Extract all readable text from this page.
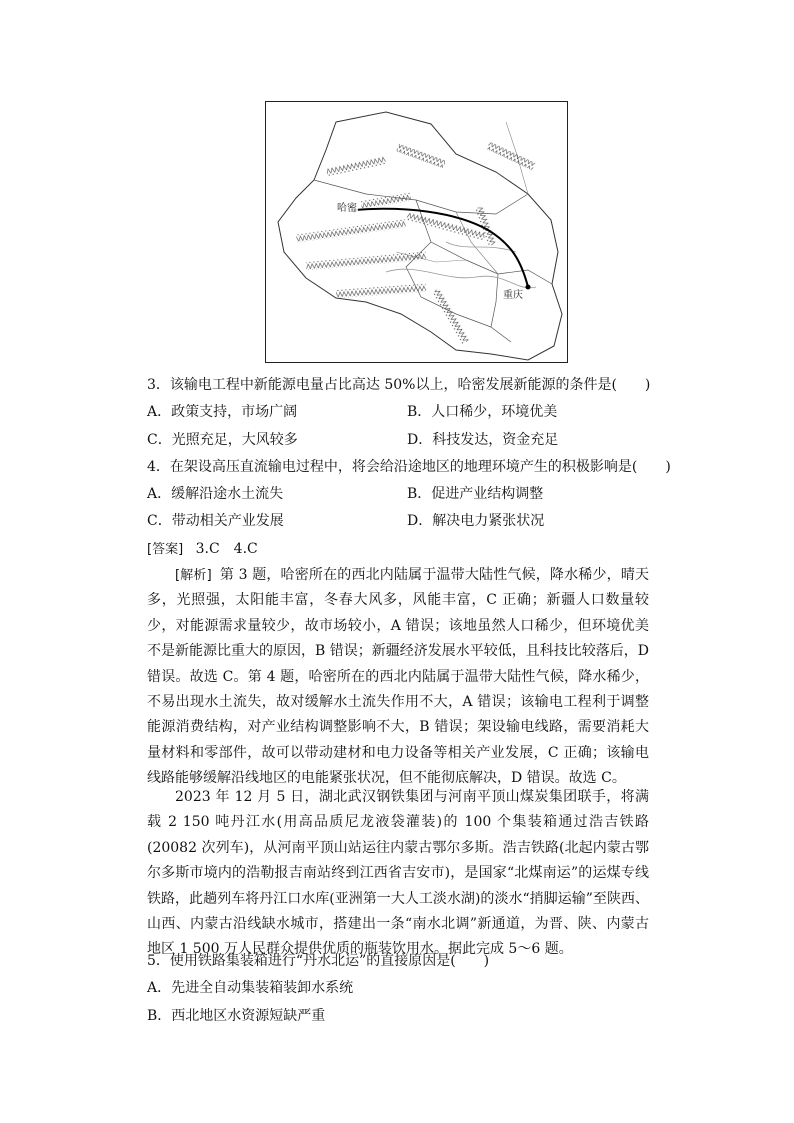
哈密
重庆
3．该输电工程中新能源电量占比高达 50%以上，哈密发展新能源的条件是(　　)
A．政策支持，市场广阔	B．人口稀少，环境优美
C．光照充足，大风较多	D．科技发达，资金充足
4．在架设高压直流输电过程中，将会给沿途地区的地理环境产生的积极影响是(　　)
A．缓解沿途水土流失	B．促进产业结构调整
C．带动相关产业发展	D．解决电力紧张状况
[答案] 3.C　4.C
[解析] 第 3 题，哈密所在的西北内陆属于温带大陆性气候，降水稀少，晴天多，光照强，太阳能丰富，冬春大风多，风能丰富，C 正确；新疆人口数量较少，对能源需求量较少，故市场较小，A 错误；该地虽然人口稀少，但环境优美不是新能源比重大的原因，B 错误；新疆经济发展水平较低，且科技比较落后，D 错误。故选 C。第 4 题，哈密所在的西北内陆属于温带大陆性气候，降水稀少，不易出现水土流失，故对缓解水土流失作用不大，A 错误；该输电工程利于调整能源消费结构，对产业结构调整影响不大，B 错误；架设输电线路，需要消耗大量材料和零部件，故可以带动建材和电力设备等相关产业发展，C 正确；该输电线路能够缓解沿线地区的电能紧张状况，但不能彻底解决，D 错误。故选 C。
2023 年 12 月 5 日，湖北武汉钢铁集团与河南平顶山煤炭集团联手，将满载 2 150 吨丹江水(用高品质尼龙液袋灌装)的 100 个集装箱通过浩吉铁路(20082 次列车)，从河南平顶山站运往内蒙古鄂尔多斯。浩吉铁路(北起内蒙古鄂尔多斯市境内的浩勒报吉南站终到江西省吉安市)，是国家“北煤南运”的运煤专线铁路，此趟列车将丹江口水库(亚洲第一大人工淡水湖)的淡水“捎脚运输”至陕西、山西、内蒙古沿线缺水城市，搭建出一条“南水北调”新通道，为晋、陕、内蒙古地区 1 500 万人民群众提供优质的瓶装饮用水。据此完成 5～6 题。
5．使用铁路集装箱进行“丹水北运”的直接原因是(　　)
A．先进全自动集装箱装卸水系统
B．西北地区水资源短缺严重
